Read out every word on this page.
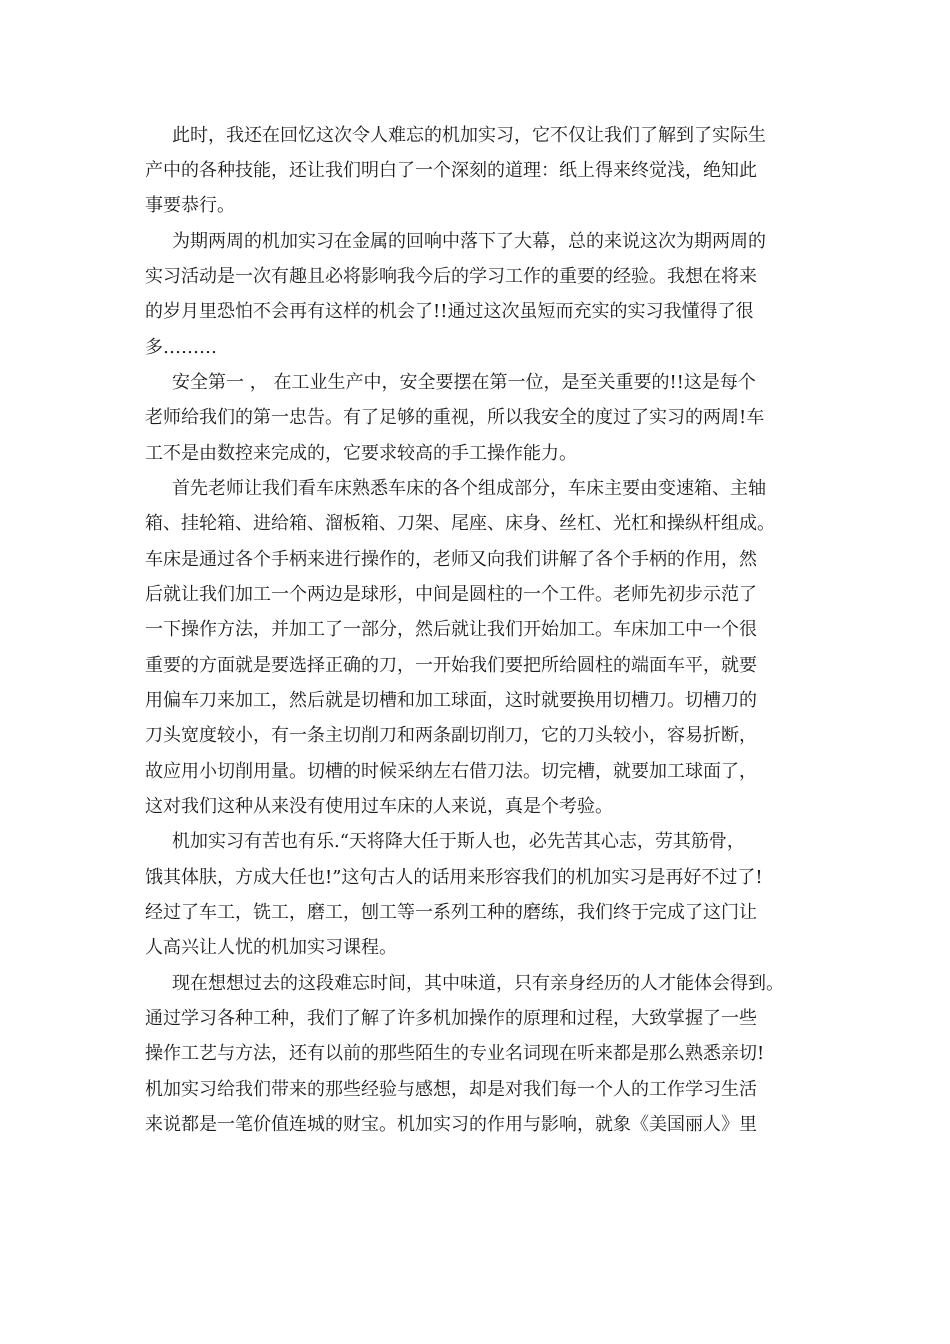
此时，我还在回忆这次令人难忘的机加实习，它不仅让我们了解到了实际生

产中的各种技能，还让我们明白了一个深刻的道理：纸上得来终觉浅，绝知此

事要恭行。

为期两周的机加实习在金属的回响中落下了大幕，总的来说这次为期两周的

实习活动是一次有趣且必将影响我今后的学习工作的重要的经验。我想在将来

的岁月里恐怕不会再有这样的机会了!!通过这次虽短而充实的实习我懂得了很

多………

安全第一 ， 在工业生产中，安全要摆在第一位，是至关重要的!!这是每个

老师给我们的第一忠告。有了足够的重视，所以我安全的度过了实习的两周!车

工不是由数控来完成的，它要求较高的手工操作能力。

首先老师让我们看车床熟悉车床的各个组成部分，车床主要由变速箱、主轴

箱、挂轮箱、进给箱、溜板箱、刀架、尾座、床身、丝杠、光杠和操纵杆组成。

车床是通过各个手柄来进行操作的，老师又向我们讲解了各个手柄的作用，然

后就让我们加工一个两边是球形，中间是圆柱的一个工件。老师先初步示范了

一下操作方法，并加工了一部分，然后就让我们开始加工。车床加工中一个很

重要的方面就是要选择正确的刀，一开始我们要把所给圆柱的端面车平，就要

用偏车刀来加工，然后就是切槽和加工球面，这时就要换用切槽刀。切槽刀的

刀头宽度较小，有一条主切削刀和两条副切削刀，它的刀头较小，容易折断，

故应用小切削用量。切槽的时候采纳左右借刀法。切完槽，就要加工球面了，

这对我们这种从来没有使用过车床的人来说，真是个考验。

机加实习有苦也有乐.“天将降大任于斯人也，必先苦其心志，劳其筋骨，

饿其体肤，方成大任也!”这句古人的话用来形容我们的机加实习是再好不过了!

经过了车工，铣工，磨工，刨工等一系列工种的磨练，我们终于完成了这门让

人高兴让人忧的机加实习课程。

现在想想过去的这段难忘时间，其中味道，只有亲身经历的人才能体会得到。

通过学习各种工种，我们了解了许多机加操作的原理和过程，大致掌握了一些

操作工艺与方法，还有以前的那些陌生的专业名词现在听来都是那么熟悉亲切!

机加实习给我们带来的那些经验与感想，却是对我们每一个人的工作学习生活

来说都是一笔价值连城的财宝。机加实习的作用与影响，就象《美国丽人》里
